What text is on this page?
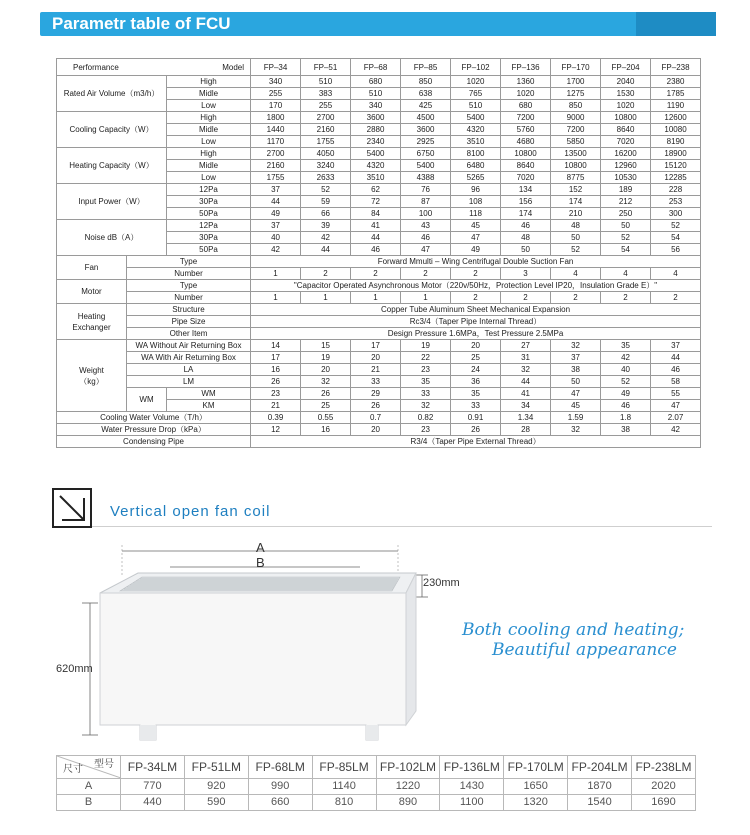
Parametr table of FCU
Performance Model			FP–34	FP–51	FP–68	FP–85	FP–102	FP–136	FP–170	FP–204	FP–238
Rated Air Volume（m3/h）		High	340	510	680	850	1020	1360	1700	2040	2380
		Midle	255	383	510	638	765	1020	1275	1530	1785
		Low	170	255	340	425	510	680	850	1020	1190
Cooling Capacity（W）		High	1800	2700	3600	4500	5400	7200	9000	10800	12600
		Midle	1440	2160	2880	3600	4320	5760	7200	8640	10080
		Low	1170	1755	2340	2925	3510	4680	5850	7020	8190
Heating Capacity（W）		High	2700	4050	5400	6750	8100	10800	13500	16200	18900
		Midle	2160	3240	4320	5400	6480	8640	10800	12960	15120
		Low	1755	2633	3510	4388	5265	7020	8775	10530	12285
Input Power（W）		12Pa	37	52	62	76	96	134	152	189	228
		30Pa	44	59	72	87	108	156	174	212	253
		50Pa	49	66	84	100	118	174	210	250	300
Noise dB（A）		12Pa	37	39	41	43	45	46	48	50	52
		30Pa	40	42	44	46	47	48	50	52	54
		50Pa	42	44	46	47	49	50	52	54	56
Fan	Type		Forward Mmulti – Wing Centrifugal Double Suction Fan								
	Number		1	2	2	2	2	3	4	4	4
Motor	Type		"Capacitor Operated Asynchronous Motor（220v/50Hz，Protection Level IP20，Insulation Grade E）"								
	Number		1	1	1	1	2	2	2	2	2

Heating
Exchanger	Structure		Copper Tube Aluminum Sheet Mechanical Expansion								
	Pipe Size		Rc3/4（Taper Pipe Internal Thread）								
	Other Item		Design Pressure 1.6MPa，Test Pressure 2.5MPa								

Weight
（kg）	WA Without Air Returning Box		14	15	17	19	20	27	32	35	37
	WA With Air Returning Box		17	19	20	22	25	31	37	42	44
	LA		16	20	21	23	24	32	38	40	46
	LM		26	32	33	35	36	44	50	52	58
	WM	WM	23	26	29	33	35	41	47	49	55
		KM	21	25	26	32	33	34	45	46	47
Cooling Water Volume（T/h）			0.39	0.55	0.7	0.82	0.91	1.34	1.59	1.8	2.07
Water Pressure Drop（kPa）			12	16	20	23	26	28	32	38	42
Condensing Pipe			R3/4（Taper Pipe External Thread）								
Vertical open fan coil
A
B
230mm
620mm
Both cooling and heating;
Beautiful appearance
型号
尺寸	FP-34LM	FP-51LM	FP-68LM	FP-85LM	FP-102LM	FP-136LM	FP-170LM	FP-204LM	FP-238LM
A	770	920	990	1140	1220	1430	1650	1870	2020
B	440	590	660	810	890	1100	1320	1540	1690
